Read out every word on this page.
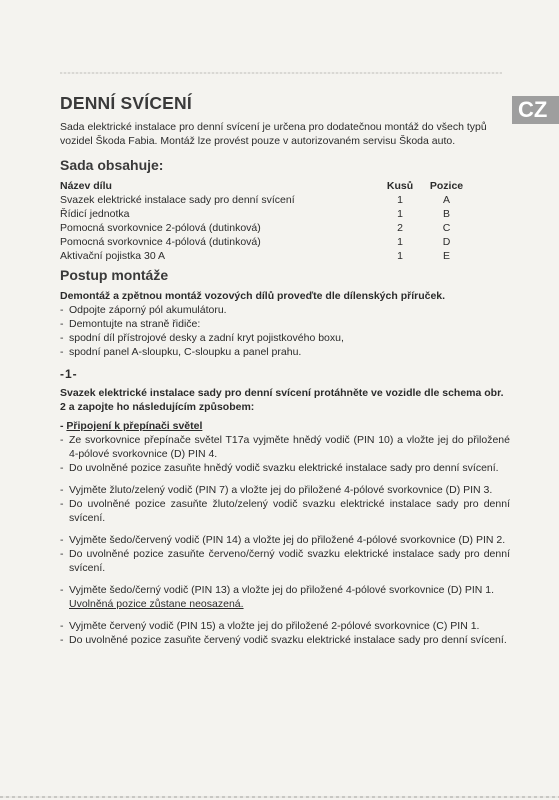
CZ
DENNÍ SVÍCENÍ

Sada elektrické instalace pro denní svícení je určena pro dodatečnou montáž do všech typů vozidel Škoda Fabia. Montáž lze provést pouze v autorizovaném servisu Škoda auto.

Sada obsahuje:
Název dílu	Kusů	Pozice
Svazek elektrické instalace sady pro denní svícení	1	A
Řídicí jednotka	1	B
Pomocná svorkovnice 2-pólová (dutinková)	2	C
Pomocná svorkovnice 4-pólová (dutinková)	1	D
Aktivační pojistka 30 A	1	E
Postup montáže

Demontáž a zpětnou montáž vozových dílů proveďte dle dílenských příruček.

- Odpojte záporný pól akumulátoru.
- Demontujte na straně řidiče:
- spodní díl přístrojové desky a zadní kryt pojistkového boxu,
- spodní panel A-sloupku, C-sloupku a panel prahu.
-1-

Svazek elektrické instalace sady pro denní svícení protáhněte ve vozidle dle schema obr. 2 a zapojte ho následujícím způsobem:

- Připojení k přepínači světel

- Ze svorkovnice přepínače světel T17a vyjměte hnědý vodič (PIN 10) a vložte jej do přiložené 4-pólové svorkovnice (D) PIN 4.
- Do uvolněné pozice zasuňte hnědý vodič svazku elektrické instalace sady pro denní svícení.
- Vyjměte žluto/zelený vodič (PIN 7) a vložte jej do přiložené 4-pólové svorkovnice (D) PIN 3.
- Do uvolněné pozice zasuňte žluto/zelený vodič svazku elektrické instalace sady pro denní svícení.
- Vyjměte šedo/červený vodič (PIN 14) a vložte jej do přiložené 4-pólové svorkovnice (D) PIN 2.
- Do uvolněné pozice zasuňte červeno/černý vodič svazku elektrické instalace sady pro denní svícení.
- Vyjměte šedo/černý vodič (PIN 13) a vložte jej do přiložené 4-pólové svorkovnice (D) PIN 1.
Uvolněná pozice zůstane neosazená.
- Vyjměte červený vodič (PIN 15) a vložte jej do přiložené 2-pólové svorkovnice (C) PIN 1.
- Do uvolněné pozice zasuňte červený vodič svazku elektrické instalace sady pro denní svícení.
